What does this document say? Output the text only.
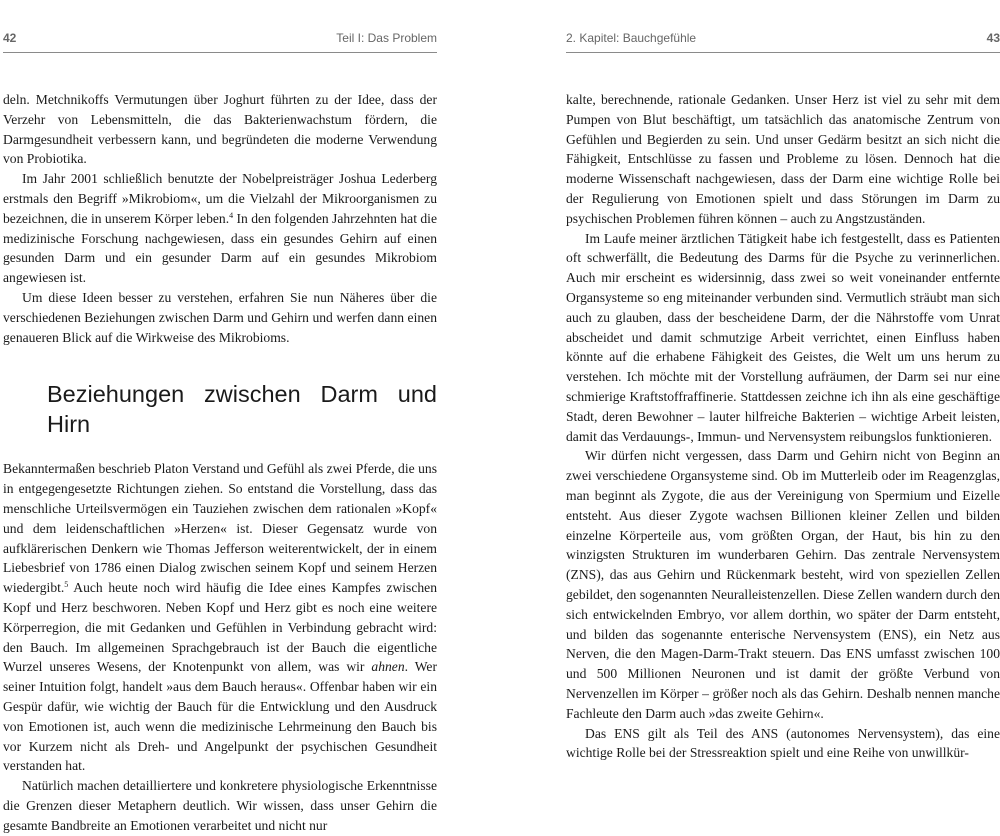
42	Teil I: Das Problem

deln. Metchnikoffs Vermutungen über Joghurt führten zu der Idee, dass der Verzehr von Lebensmitteln, die das Bakterienwachstum fördern, die Darmgesundheit verbessern kann, und begründeten die moderne Verwendung von Probiotika.

Im Jahr 2001 schließlich benutzte der Nobelpreisträger Joshua Lederberg erstmals den Begriff »Mikrobiom«, um die Vielzahl der Mikroorganismen zu bezeichnen, die in unserem Körper leben.$^4$ In den folgenden Jahrzehnten hat die medizinische Forschung nachgewiesen, dass ein gesundes Gehirn auf einen gesunden Darm und ein gesunder Darm auf ein gesundes Mikrobiom angewiesen ist.

Um diese Ideen besser zu verstehen, erfahren Sie nun Näheres über die verschiedenen Beziehungen zwischen Darm und Gehirn und werfen dann einen genaueren Blick auf die Wirkweise des Mikrobioms.

Beziehungen zwischen Darm und Hirn

Bekanntermaßen beschrieb Platon Verstand und Gefühl als zwei Pferde, die uns in entgegengesetzte Richtungen ziehen. So entstand die Vorstellung, dass das menschliche Urteilsvermögen ein Tauziehen zwischen dem rationalen »Kopf« und dem leidenschaftlichen »Herzen« ist. Dieser Gegensatz wurde von aufklärerischen Denkern wie Thomas Jefferson weiterentwickelt, der in einem Liebesbrief von 1786 einen Dialog zwischen seinem Kopf und seinem Herzen wiedergibt.$^5$ Auch heute noch wird häufig die Idee eines Kampfes zwischen Kopf und Herz beschworen. Neben Kopf und Herz gibt es noch eine weitere Körperregion, die mit Gedanken und Gefühlen in Verbindung gebracht wird: den Bauch. Im allgemeinen Sprachgebrauch ist der Bauch die eigentliche Wurzel unseres Wesens, der Knotenpunkt von allem, was wir ahnen. Wer seiner Intuition folgt, handelt »aus dem Bauch heraus«. Offenbar haben wir ein Gespür dafür, wie wichtig der Bauch für die Entwicklung und den Ausdruck von Emotionen ist, auch wenn die medizinische Lehrmeinung den Bauch bis vor Kurzem nicht als Dreh- und Angelpunkt der psychischen Gesundheit verstanden hat.

Natürlich machen detailliertere und konkretere physiologische Erkenntnisse die Grenzen dieser Metaphern deutlich. Wir wissen, dass unser Gehirn die gesamte Bandbreite an Emotionen verarbeitet und nicht nur

2. Kapitel: Bauchgefühle	43

kalte, berechnende, rationale Gedanken. Unser Herz ist viel zu sehr mit dem Pumpen von Blut beschäftigt, um tatsächlich das anatomische Zentrum von Gefühlen und Begierden zu sein. Und unser Gedärm besitzt an sich nicht die Fähigkeit, Entschlüsse zu fassen und Probleme zu lösen. Dennoch hat die moderne Wissenschaft nachgewiesen, dass der Darm eine wichtige Rolle bei der Regulierung von Emotionen spielt und dass Störungen im Darm zu psychischen Problemen führen können – auch zu Angstzuständen.

Im Laufe meiner ärztlichen Tätigkeit habe ich festgestellt, dass es Patienten oft schwerfällt, die Bedeutung des Darms für die Psyche zu verinnerlichen. Auch mir erscheint es widersinnig, dass zwei so weit voneinander entfernte Organsysteme so eng miteinander verbunden sind. Vermutlich sträubt man sich auch zu glauben, dass der bescheidene Darm, der die Nährstoffe vom Unrat abscheidet und damit schmutzige Arbeit verrichtet, einen Einfluss haben könnte auf die erhabene Fähigkeit des Geistes, die Welt um uns herum zu verstehen. Ich möchte mit der Vorstellung aufräumen, der Darm sei nur eine schmierige Kraftstoffraffinerie. Stattdessen zeichne ich ihn als eine geschäftige Stadt, deren Bewohner – lauter hilfreiche Bakterien – wichtige Arbeit leisten, damit das Verdauungs-, Immun- und Nervensystem reibungslos funktionieren.

Wir dürfen nicht vergessen, dass Darm und Gehirn nicht von Beginn an zwei verschiedene Organsysteme sind. Ob im Mutterleib oder im Reagenzglas, man beginnt als Zygote, die aus der Vereinigung von Spermium und Eizelle entsteht. Aus dieser Zygote wachsen Billionen kleiner Zellen und bilden einzelne Körperteile aus, vom größten Organ, der Haut, bis hin zu den winzigsten Strukturen im wunderbaren Gehirn. Das zentrale Nervensystem (ZNS), das aus Gehirn und Rückenmark besteht, wird von speziellen Zellen gebildet, den sogenannten Neuralleistenzellen. Diese Zellen wandern durch den sich entwickelnden Embryo, vor allem dorthin, wo später der Darm entsteht, und bilden das sogenannte enterische Nervensystem (ENS), ein Netz aus Nerven, die den Magen-Darm-Trakt steuern. Das ENS umfasst zwischen 100 und 500 Millionen Neuronen und ist damit der größte Verbund von Nervenzellen im Körper – größer noch als das Gehirn. Deshalb nennen manche Fachleute den Darm auch »das zweite Gehirn«.

Das ENS gilt als Teil des ANS (autonomes Nervensystem), das eine wichtige Rolle bei der Stressreaktion spielt und eine Reihe von unwillkür-
